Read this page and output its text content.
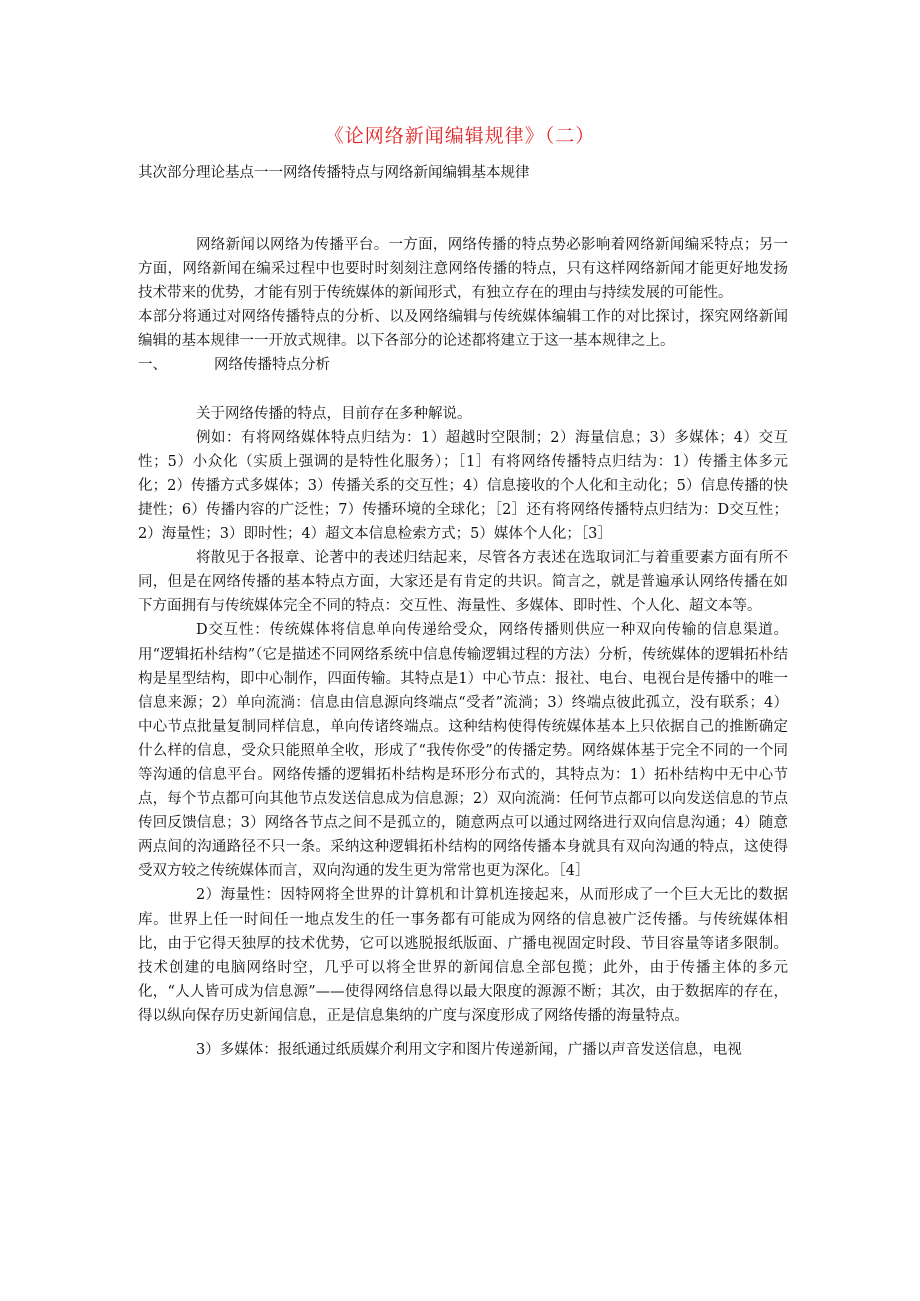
《论网络新闻编辑规律》（二）
其次部分理论基点一一网络传播特点与网络新闻编辑基本规律

网络新闻以网络为传播平台。一方面，网络传播的特点势必影响着网络新闻编采特点；另一方面，网络新闻在编采过程中也要时时刻刻注意网络传播的特点，只有这样网络新闻才能更好地发扬技术带来的优势，才能有别于传统媒体的新闻形式，有独立存在的理由与持续发展的可能性。

本部分将通过对网络传播特点的分析、以及网络编辑与传统媒体编辑工作的对比探讨，探究网络新闻编辑的基本规律一一开放式规律。以下各部分的论述都将建立于这一基本规律之上。

一、	网络传播特点分析

关于网络传播的特点，目前存在多种解说。

例如：有将网络媒体特点归结为：1）超越时空限制；2）海量信息；3）多媒体；4）交互性；5）小众化（实质上强调的是特性化服务）；［1］有将网络传播特点归结为：1）传播主体多元化；2）传播方式多媒体；3）传播关系的交互性；4）信息接收的个人化和主动化；5）信息传播的快捷性；6）传播内容的广泛性；7）传播环境的全球化；［2］还有将网络传播特点归结为：D交互性；2）海量性；3）即时性；4）超文本信息检索方式；5）媒体个人化；［3］

将散见于各报章、论著中的表述归结起来，尽管各方表述在选取词汇与着重要素方面有所不同，但是在网络传播的基本特点方面，大家还是有肯定的共识。简言之，就是普遍承认网络传播在如下方面拥有与传统媒体完全不同的特点：交互性、海量性、多媒体、即时性、个人化、超文本等。

D交互性：传统媒体将信息单向传递给受众，网络传播则供应一种双向传输的信息渠道。用“逻辑拓朴结构”（它是描述不同网络系统中信息传输逻辑过程的方法）分析，传统媒体的逻辑拓朴结构是星型结构，即中心制作，四面传输。其特点是1）中心节点：报社、电台、电视台是传播中的唯一信息来源；2）单向流淌：信息由信息源向终端点“受者”流淌；3）终端点彼此孤立，没有联系；4）中心节点批量复制同样信息，单向传诸终端点。这种结构使得传统媒体基本上只依据自己的推断确定什么样的信息，受众只能照单全收，形成了“我传你受”的传播定势。网络媒体基于完全不同的一个同等沟通的信息平台。网络传播的逻辑拓朴结构是环形分布式的，其特点为：1）拓朴结构中无中心节点，每个节点都可向其他节点发送信息成为信息源；2）双向流淌：任何节点都可以向发送信息的节点传回反馈信息；3）网络各节点之间不是孤立的，随意两点可以通过网络进行双向信息沟通；4）随意两点间的沟通路径不只一条。采纳这种逻辑拓朴结构的网络传播本身就具有双向沟通的特点，这使得受双方较之传统媒体而言，双向沟通的发生更为常常也更为深化。［4］

2）海量性：因特网将全世界的计算机和计算机连接起来，从而形成了一个巨大无比的数据库。世界上任一时间任一地点发生的任一事务都有可能成为网络的信息被广泛传播。与传统媒体相比，由于它得天独厚的技术优势，它可以逃脱报纸版面、广播电视固定时段、节目容量等诸多限制。技术创建的电脑网络时空，几乎可以将全世界的新闻信息全部包揽；此外，由于传播主体的多元化，“人人皆可成为信息源”——使得网络信息得以最大限度的源源不断；其次，由于数据库的存在，得以纵向保存历史新闻信息，正是信息集纳的广度与深度形成了网络传播的海量特点。

3）多媒体：报纸通过纸质媒介利用文字和图片传递新闻，广播以声音发送信息，电视
